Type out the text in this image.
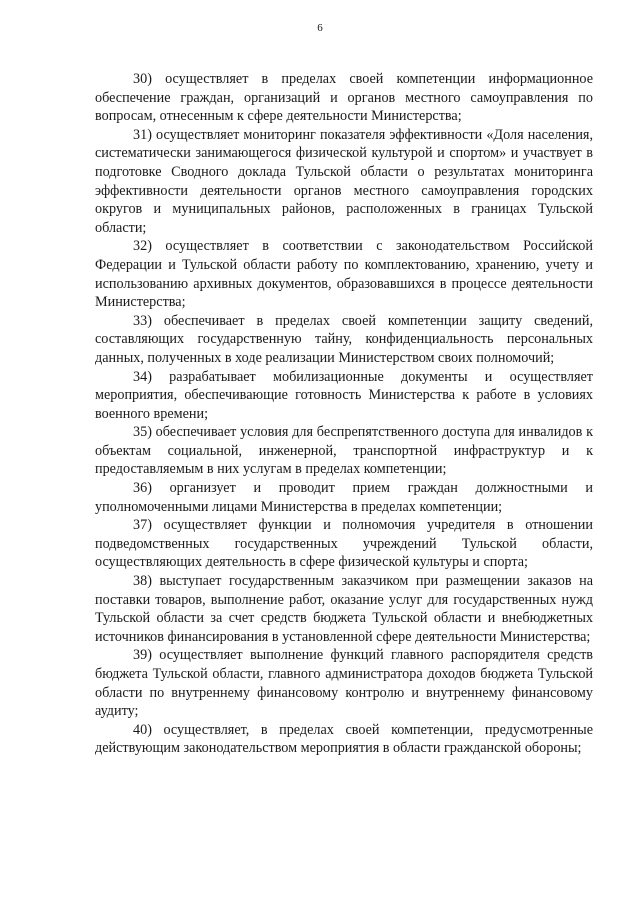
6

30) осуществляет в пределах своей компетенции информационное обеспечение граждан, организаций и органов местного самоуправления по вопросам, отнесенным к сфере деятельности Министерства;

31) осуществляет мониторинг показателя эффективности «Доля населения, систематически занимающегося физической культурой и спортом» и участвует в подготовке Сводного доклада Тульской области о результатах мониторинга эффективности деятельности органов местного самоуправления городских округов и муниципальных районов, расположенных в границах Тульской области;

32) осуществляет в соответствии с законодательством Российской Федерации и Тульской области работу по комплектованию, хранению, учету и использованию архивных документов, образовавшихся в процессе деятельности Министерства;

33) обеспечивает в пределах своей компетенции защиту сведений, составляющих государственную тайну, конфиденциальность персональных данных, полученных в ходе реализации Министерством своих полномочий;

34) разрабатывает мобилизационные документы и осуществляет мероприятия, обеспечивающие готовность Министерства к работе в условиях военного времени;

35) обеспечивает условия для беспрепятственного доступа для инвалидов к объектам социальной, инженерной, транспортной инфраструктур и к предоставляемым в них услугам в пределах компетенции;

36) организует и проводит прием граждан должностными и уполномоченными лицами Министерства в пределах компетенции;

37) осуществляет функции и полномочия учредителя в отношении подведомственных государственных учреждений Тульской области, осуществляющих деятельность в сфере физической культуры и спорта;

38) выступает государственным заказчиком при размещении заказов на поставки товаров, выполнение работ, оказание услуг для государственных нужд Тульской области за счет средств бюджета Тульской области и внебюджетных источников финансирования в установленной сфере деятельности Министерства;

39) осуществляет выполнение функций главного распорядителя средств бюджета Тульской области, главного администратора доходов бюджета Тульской области по внутреннему финансовому контролю и внутреннему финансовому аудиту;

40) осуществляет, в пределах своей компетенции, предусмотренные действующим законодательством мероприятия в области гражданской обороны;
